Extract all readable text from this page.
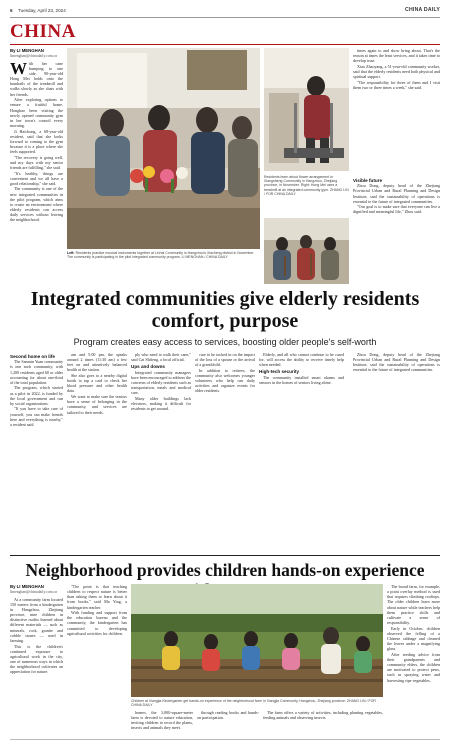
6 Tuesday, April 23, 2024	CHINA DAILY
CHINA

By LI MENGHAN

limenghan@chinadaily.com.cn

With her cane bumping to one side, 90-year-old Hong Mei holds onto the handrails of the treadmill and walks slowly as she chats with her friends.

After exploring options to ensure a fruitful home, Hongbao been visiting the newly opened community gym in her town's council every morning.

Ji Haichong, a 68-year-old resident, said that she looks forward to coming to the gym because it is a place where she feels supported.

"The recovery is going well, and my days with my senior friends are fulfilling," she said.

"It's healthy, things are convenient and we all have a good relationship," she said.

The community is one of the new integrated communities in the pilot program, which aims to create an environment where elderly residents can access daily services without leaving the neighborhood.

times again to and show bring about. That's the reason at times the least services, and it takes time to develop trust.

Xiao Zhaoyang, a 51-year-old community worker, said that the elderly residents need both physical and spiritual support.

"The responsibility for three of them and I visit them two or three times a week," she said.

Residents learn about flower arrangement in Xiangsheng Community in Hangzhou, Zhejiang province, in November. Right: Hong Mei uses a treadmill at an integrated community gym. ZHANG LIN / FOR CHINA DAILY

Visible future

Zhou Dong, deputy head of the Zhejiang Provincial Urban and Rural Planning and Design Institute, said the sustainability of operations is essential to the future of integrated communities.

"Our goal is to make sure that everyone can live a dignified and meaningful life," Zhou said.

Left: Residents practice musical instruments together at Linhai Community in Hangzhou's Xiacheng district in November. The community is participating in the pilot integrated community program. LI MENGHAN / CHINA DAILY
Integrated communities give elderly residents comfort, purpose
Program creates easy access to services, boosting older people's self-worth

Second home on life

The Sanmin Yuan community is one such community, with 1,200 residents aged 60 or older accounting for about one-third of the total population.

The program, which started as a pilot in 2022, is funded by the local government and run by social organizations.

"If you have to take care of yourself, you can make friends here and everything is nearby," a resident said.

am and 5:00 pm, the speaks around 2 times (11:30 am) a few feet on and attentively balanced health at the station.

She also goes to a nearby digital booth to tap a card to check her blood pressure and other health data.

We want to make sure the seniors have a sense of belonging in the community, and services are tailored to their needs.

ply who need to walk their cane," said Cai Shifeng, a local official.

Ups and downs

Integrated community managers have been encouraged to address the concerns of elderly residents such as transportation, meals and medical care.

Many older buildings lack elevators, making it difficult for residents to get around.

care to be tucked in on the impact of the loss of a spouse or the arrival of a grandchild.

In addition to retirees, the community also welcomes younger volunteers who help run daily activities and organize events for older residents.

Elderly, and all who cannot continue to be cared for, will access the ability to receive timely help when needed.

High-tech security

The community installed smart alarms and sensors in the homes of seniors living alone.

Zhou Dong, deputy head of the Zhejiang Provincial Urban and Rural Planning and Design Institute, said the sustainability of operations is essential to the future of integrated communities.

Neighborhood provides children hands-on experience

By LI MENGHAN

limenghan@chinadaily.com.cn

At a community farm located 150 meters from a kindergarten in Hangzhou, Zhejiang province, nine children in distinctive outfits learned about different materials — such as minerals, rock, granite and cobble stones — used in farming.

This is the children's continued exposure to agricultural work in the city, one of numerous ways in which the neighborhood cultivates an appreciation for nature.

"The point is that teaching children to respect nature is better than asking them to learn about it from books," said Ma Ying, a kindergarten teacher.

With funding and support from the education bureau and the community, the kindergarten has committed to developing agricultural activities for children.

Children at Xiangjia Kindergarten get hands-on experience of the neighborhood farm in Xiangjia Community, Hangzhou, Zhejiang province. ZHANG LIN / FOR CHINA DAILY

homes, the 3,000-square-meter farm is devoted to nature education, inviting children to record the plants, insects and animals they meet.

through reading books and hands-on participation.

The farm offers a variety of activities, including planting vegetables, feeding animals and observing insects.

The broad farm, for example, a point overlay method is used that requires climbing rooftops. The older children learn more about nature while teachers help them practice skills and cultivate a sense of responsibility.

Early in October, children observed the felling of a Chinese cabbage and cleaned the leaves under a magnifying glass.

After seeding advice from their grandparents and community elders, the children are motivated to protect pests, such as spraying water and harvesting ripe vegetables.
